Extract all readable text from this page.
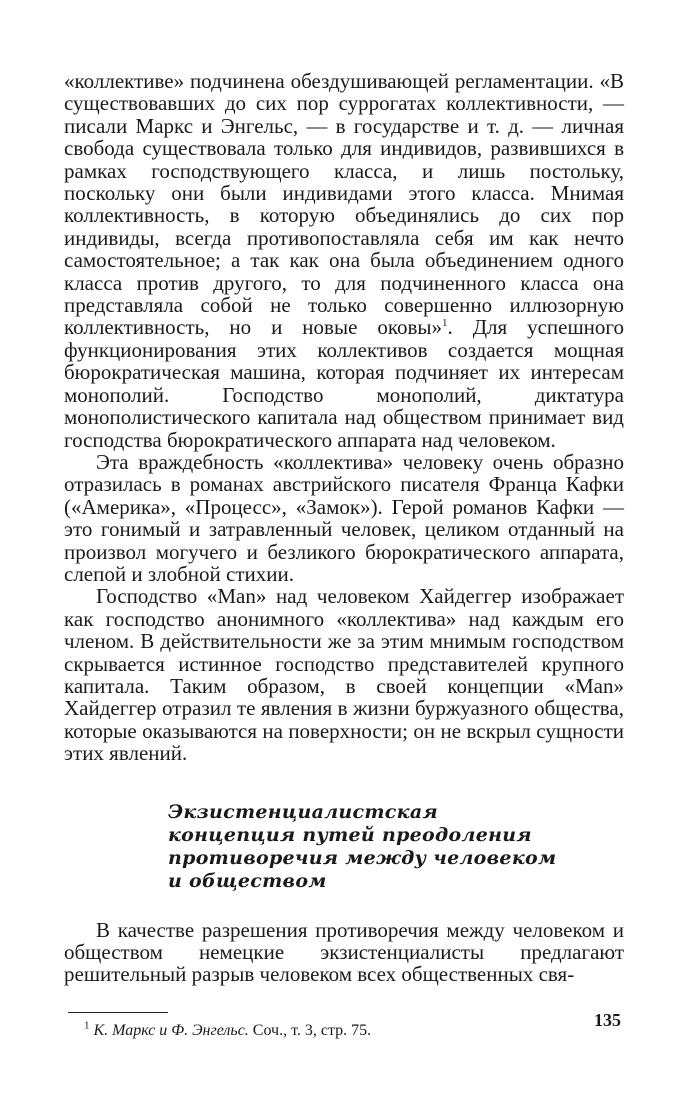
«коллективе» подчинена обездушивающей регламентации. «В существовавших до сих пор суррогатах коллективности, — писали Маркс и Энгельс, — в государстве и т. д. — личная свобода существовала только для индивидов, развившихся в рамках господствующего класса, и лишь постольку, поскольку они были индивидами этого класса. Мнимая коллективность, в которую объединялись до сих пор индивиды, всегда противопоставляла себя им как нечто самостоятельное; а так как она была объединением одного класса против другого, то для подчиненного класса она представляла собой не только совершенно иллюзорную коллективность, но и новые оковы»$^1$. Для успешного функционирования этих коллективов создается мощная бюрократическая машина, которая подчиняет их интересам монополий. Господство монополий, диктатура монополистического капитала над обществом принимает вид господства бюрократического аппарата над человеком.

Эта враждебность «коллектива» человеку очень образно отразилась в романах австрийского писателя Франца Кафки («Америка», «Процесс», «Замок»). Герой романов Кафки — это гонимый и затравленный человек, целиком отданный на произвол могучего и безликого бюрократического аппарата, слепой и злобной стихии.

Господство «Man» над человеком Хайдеггер изображает как господство анонимного «коллектива» над каждым его членом. В действительности же за этим мнимым господством скрывается истинное господство представителей крупного капитала. Таким образом, в своей концепции «Man» Хайдеггер отразил те явления в жизни буржуазного общества, которые оказываются на поверхности; он не вскрыл сущности этих явлений.

Экзистенциалистская
концепция путей преодоления
противоречия между человеком
и обществом

В качестве разрешения противоречия между человеком и обществом немецкие экзистенциалисты предлагают решительный разрыв человеком всех общественных свя-

$^1$ К. Маркс и Ф. Энгельс. Соч., т. 3, стр. 75.
135
